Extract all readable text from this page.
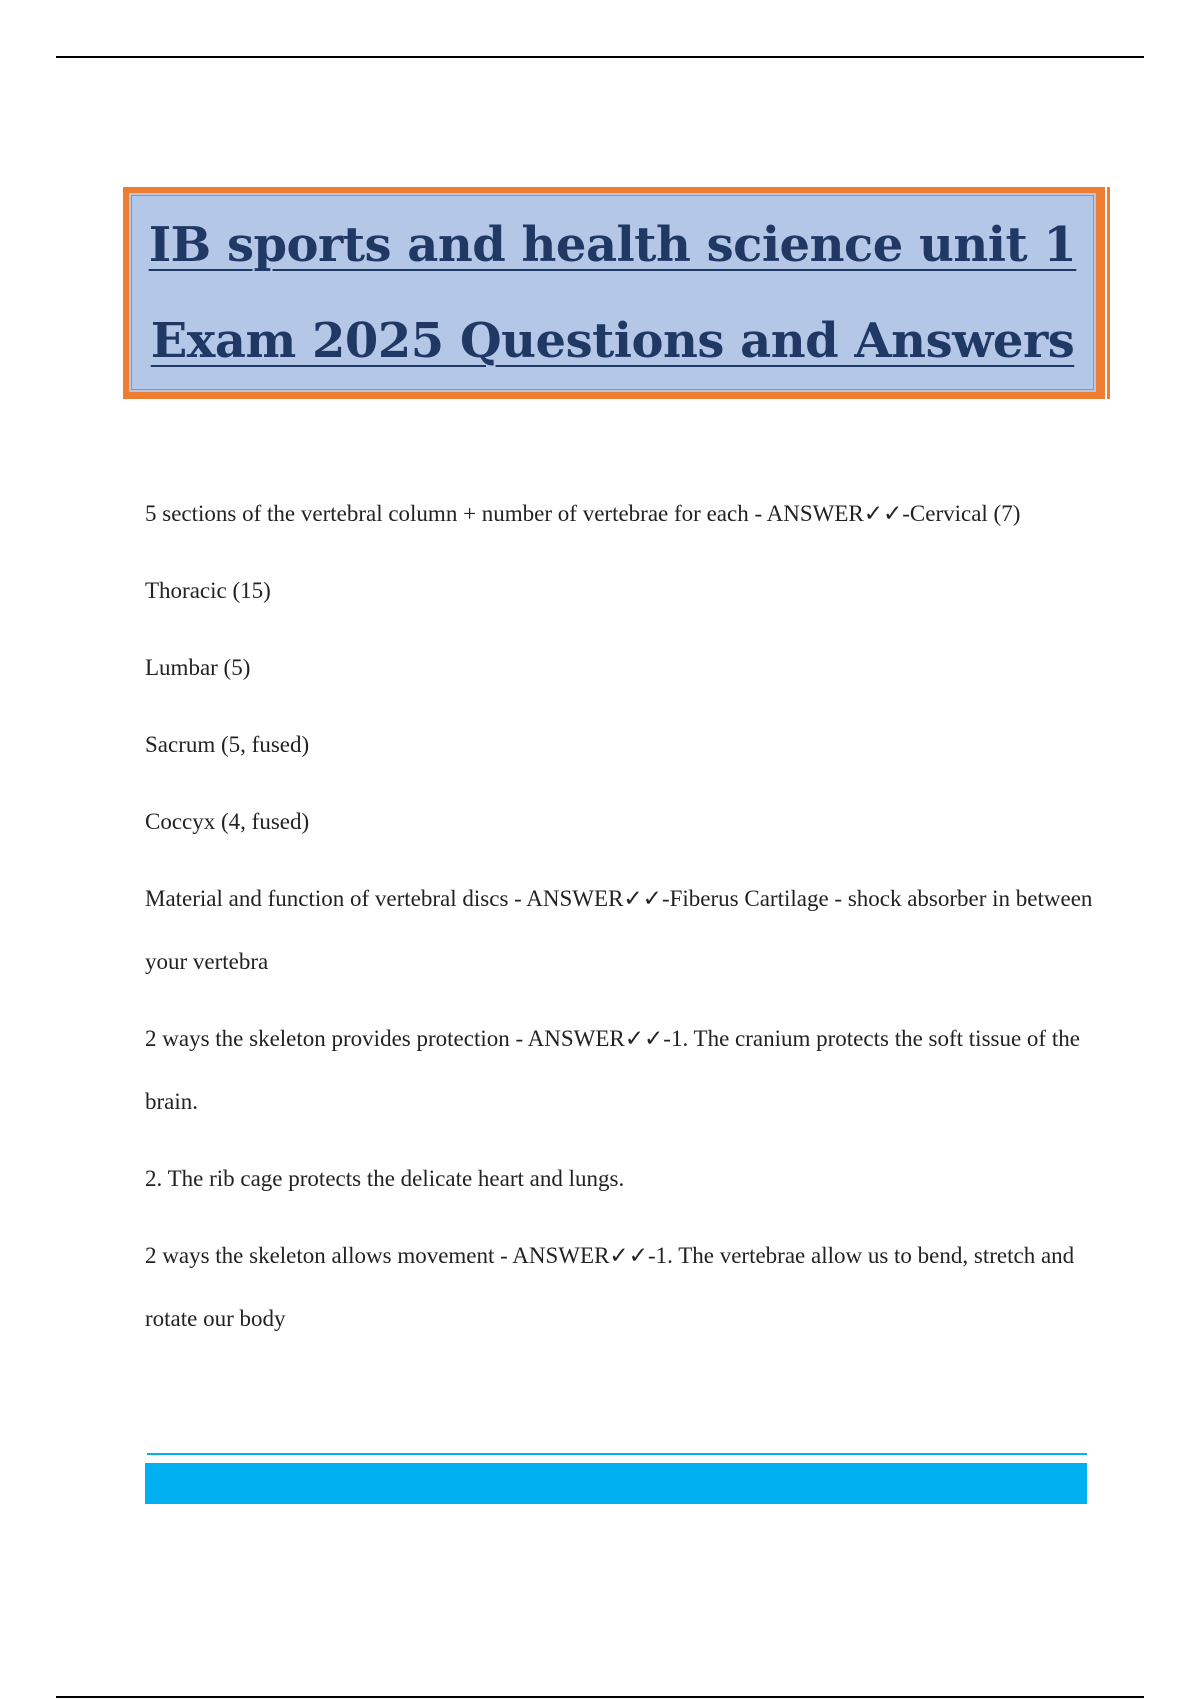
IB sports and health science unit 1
Exam 2025 Questions and Answers
5 sections of the vertebral column + number of vertebrae for each - ANSWER✓✓-Cervical (7)
Thoracic (15)
Lumbar (5)
Sacrum (5, fused)
Coccyx (4, fused)
Material and function of vertebral discs - ANSWER✓✓-Fiberus Cartilage - shock absorber in between your vertebra
2 ways the skeleton provides protection - ANSWER✓✓-1. The cranium protects the soft tissue of the brain.
2. The rib cage protects the delicate heart and lungs.
2 ways the skeleton allows movement - ANSWER✓✓-1. The vertebrae allow us to bend, stretch and rotate our body
